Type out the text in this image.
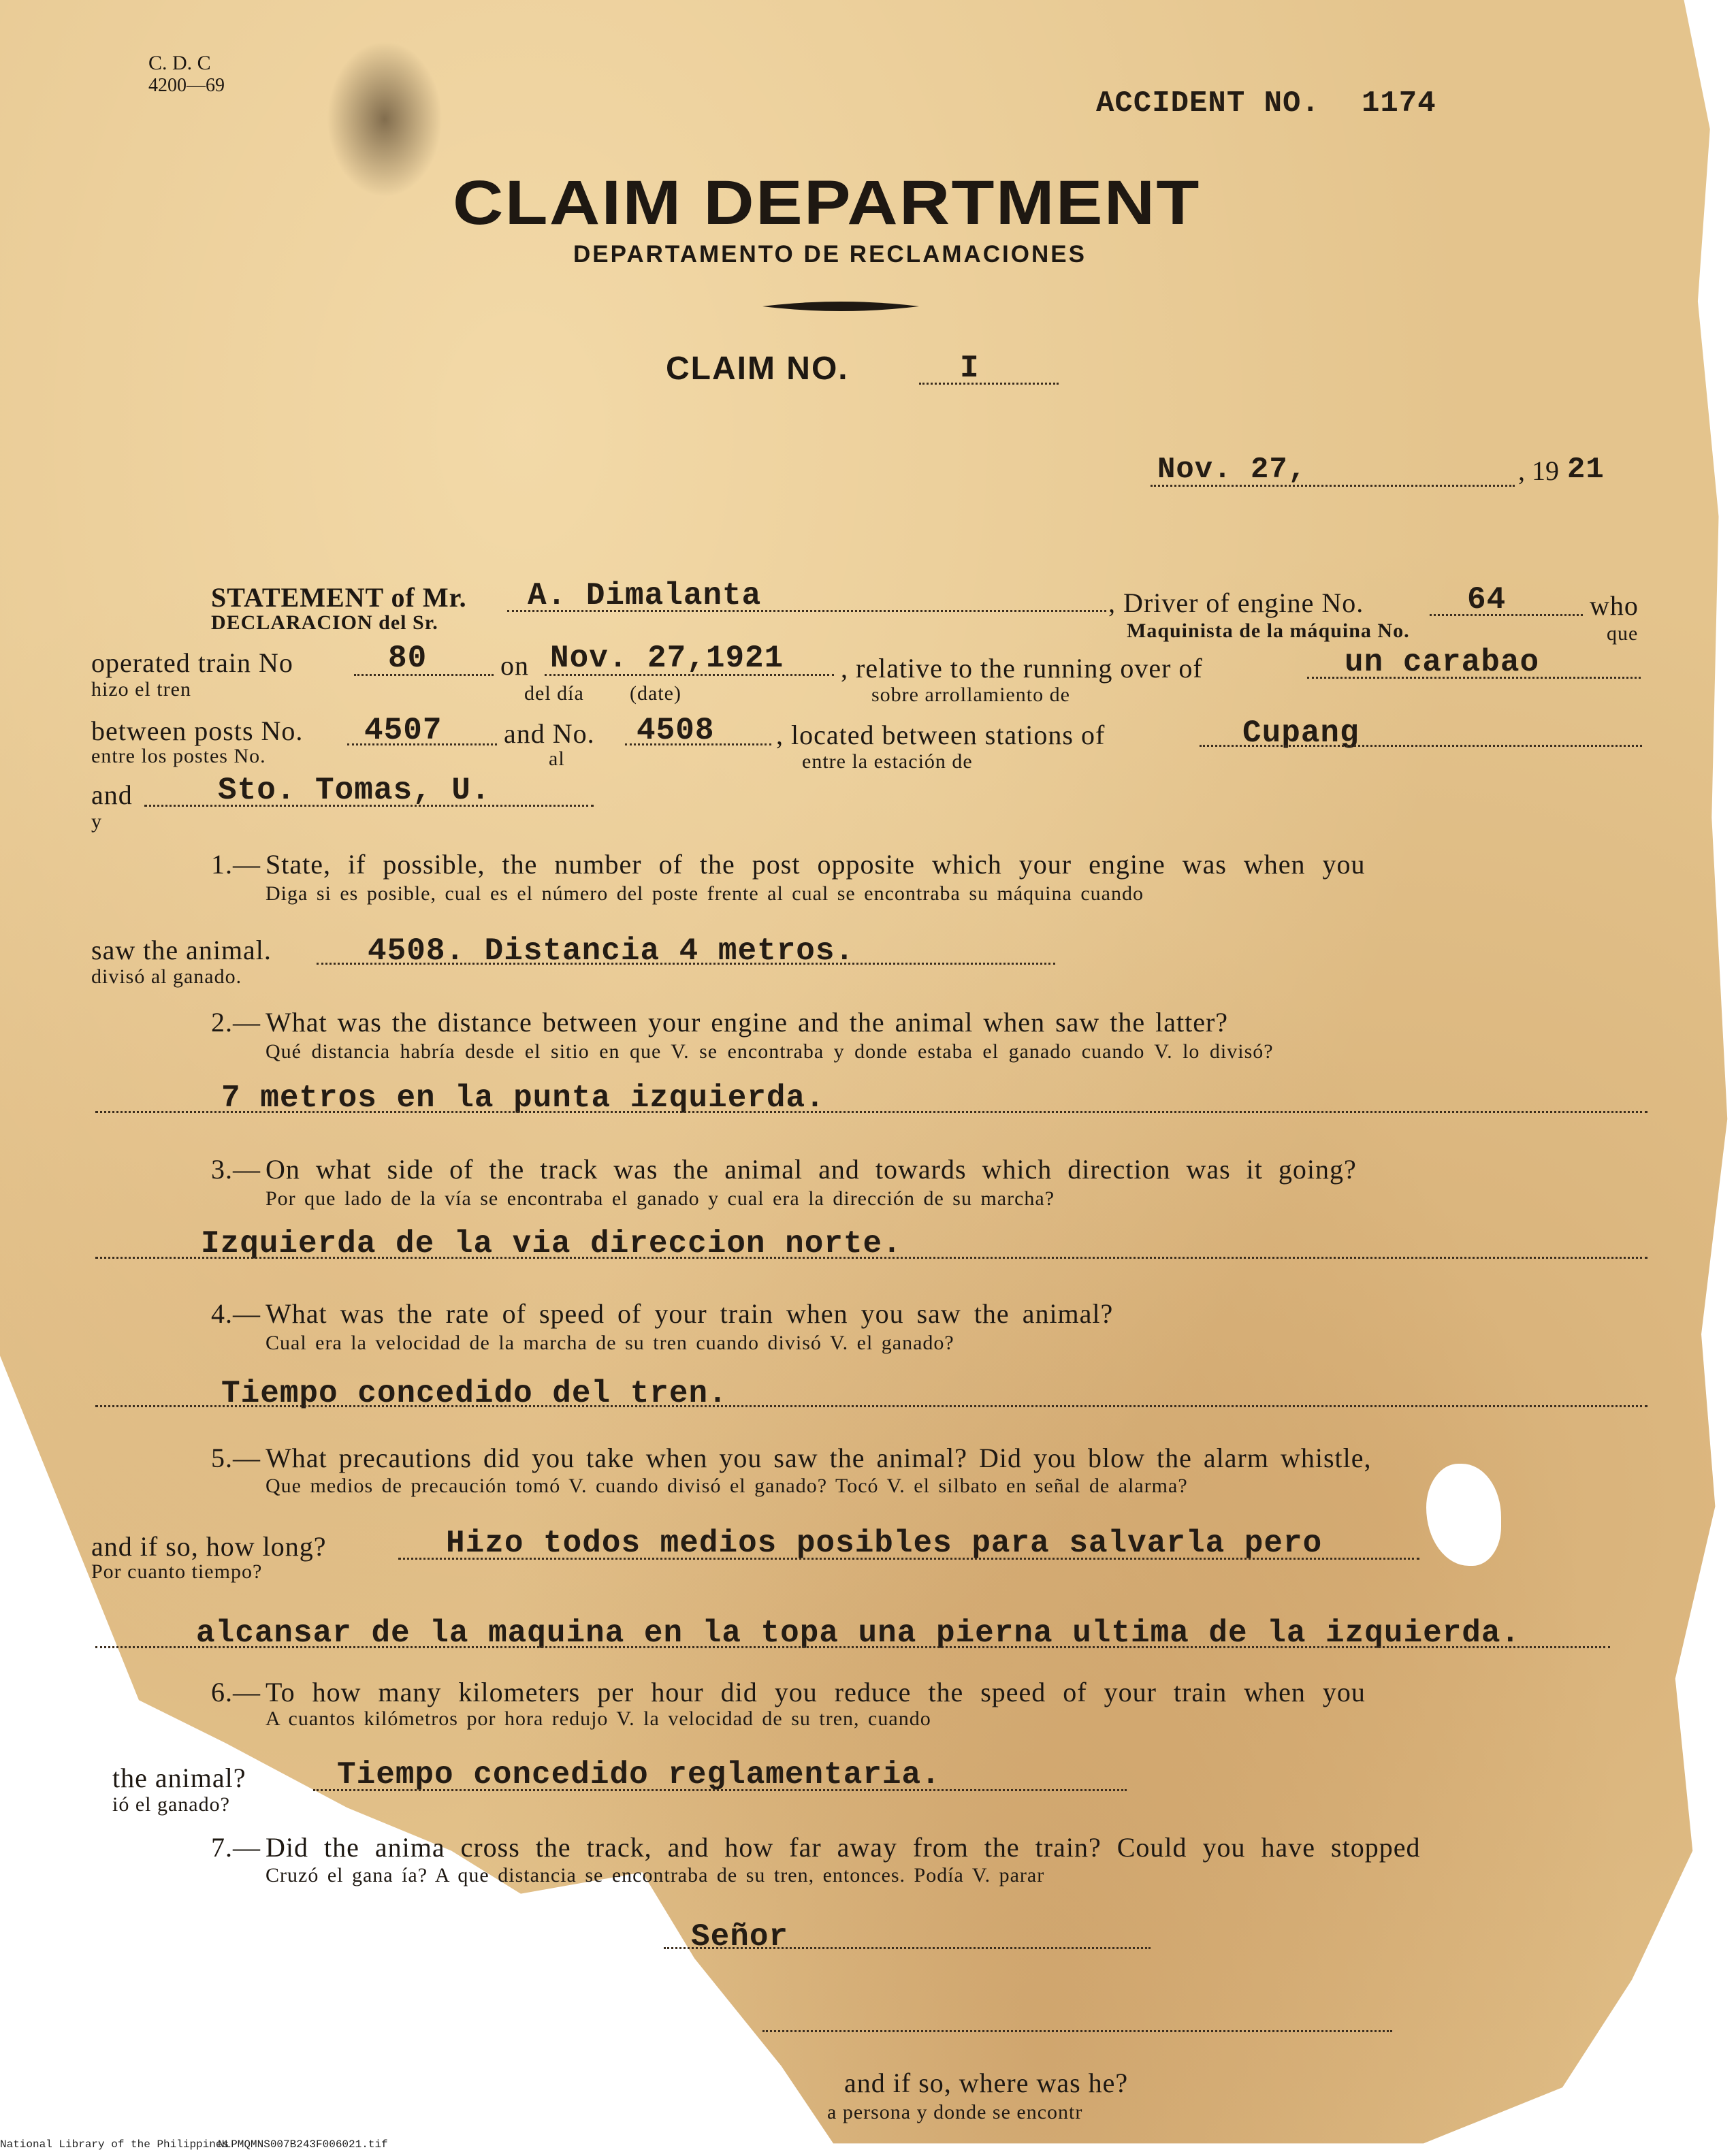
C. D. C
4200—69
ACCIDENT NO. 1174
CLAIM DEPARTMENT
DEPARTAMENTO DE RECLAMACIONES
CLAIM NO.	I
Nov. 27,	, 19 21
STATEMENT of Mr.
DECLARACION del Sr.
A. Dimalanta	, Driver of engine No.
Maquinista de la máquina No.
64	who
que
operated train No
hizo el tren
80	on
del día (date)
Nov. 27,1921 , relative to the running over of
sobre arrollamiento de
un carabao
between posts No.
entre los postes No.
4507 and No.
al
4508 , located between stations of
entre la estación de
Cupang
and
y
Sto. Tomas, U.
1.— State, if possible, the number of the post opposite which your engine was when you
Diga si es posible, cual es el número del poste frente al cual se encontraba su máquina cuando
saw the animal.
divisó al ganado.
4508. Distancia 4 metros.
2.— What was the distance between your engine and the animal when saw the latter?
Qué distancia habría desde el sitio en que V. se encontraba y donde estaba el ganado cuando V. lo divisó?
7 metros en la punta izquierda.
3.— On what side of the track was the animal and towards which direction was it going?
Por que lado de la vía se encontraba el ganado y cual era la dirección de su marcha?
Izquierda de la via direccion norte.
4.— What was the rate of speed of your train when you saw the animal?
Cual era la velocidad de la marcha de su tren cuando divisó V. el ganado?
Tiempo concedido del tren.
5.— What precautions did you take when you saw the animal? Did you blow the alarm whistle,
Que medios de precaución tomó V. cuando divisó el ganado? Tocó V. el silbato en señal de alarma?
and if so, how long?
Por cuanto tiempo?
Hizo todos medios posibles para salvarla pero
alcansar de la maquina en la topa una pierna ultima de la izquierda.
6.— To how many kilometers per hour did you reduce the speed of your train when you
A cuantos kilómetros por hora redujo V. la velocidad de su tren, cuando
the animal?
ió el ganado?
Tiempo concedido reglamentaria.
7.— Did the anima cross the track, and how far away from the train? Could you have stopped
Cruzó el gana ía? A que distancia se encontraba de su tren, entonces. Podía V. parar
Señor
and if so, where was he?
a persona y donde se encontr
National Library of the Philippines
NLPMQMNS007B243F006021.tif
